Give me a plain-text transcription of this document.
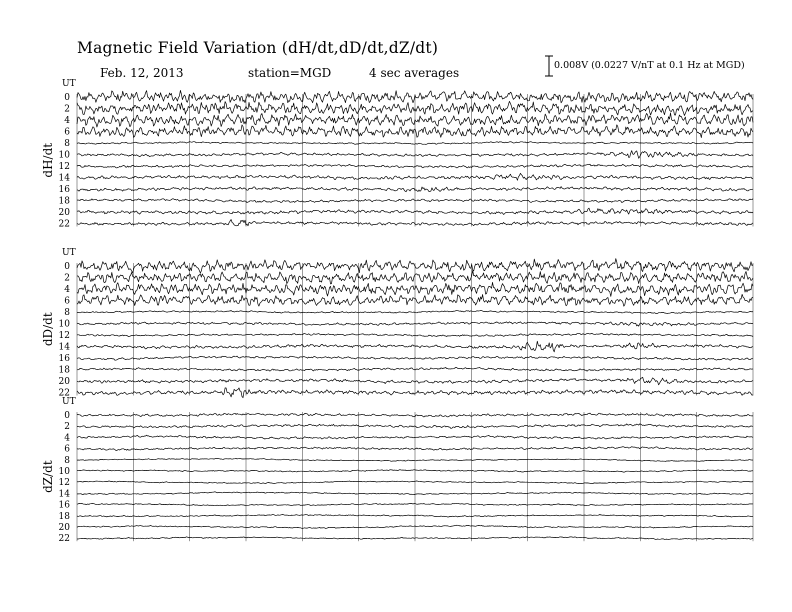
Magnetic Field Variation (dH/dt,dD/dt,dZ/dt)
Feb. 12, 2013	station=MGD	4 sec averages
0.008V (0.0227 V/nT at 0.1 Hz at MGD)
UT
dH/dt
0
2
4
6
8
10
12
14
16
18
20
22
UT
dD/dt
0
2
4
6
8
10
12
14
16
18
20
22
UT
dZ/dt
0
2
4
6
8
10
12
14
16
18
20
22
